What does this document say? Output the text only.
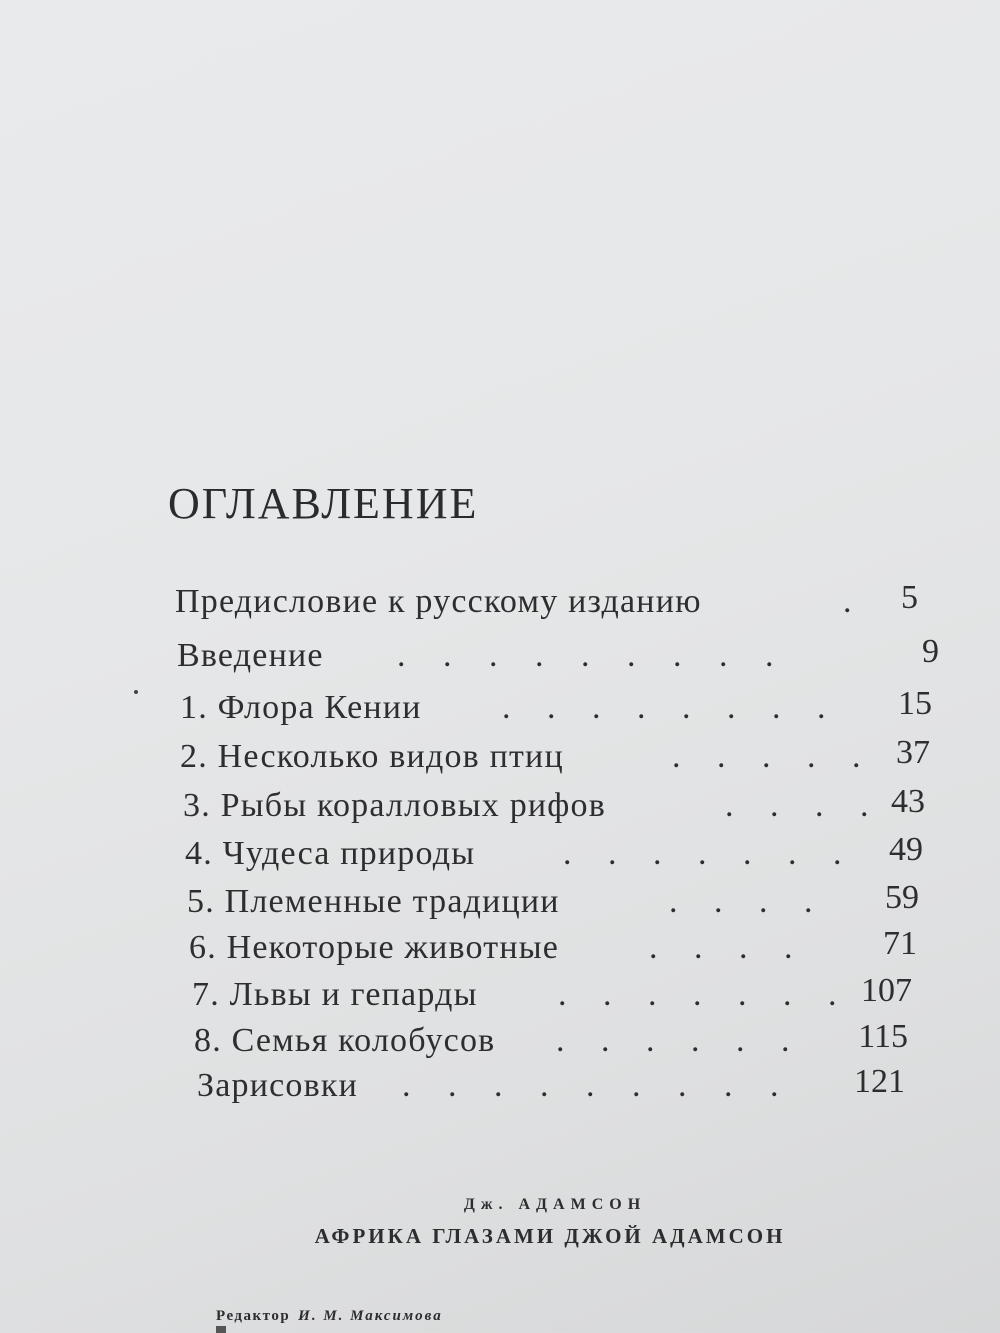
ОГЛАВЛЕНИЕ
Предисловие к русскому изданию	.	5
Введение . . . . . . . . .	9
1. Флора Кении . . . . . . . .	15
2. Несколько видов птиц	. . . . . 37
3. Рыбы коралловых рифов	. . . . 43
4. Чудеса природы	. . . . . . . 49
5. Племенные традиции	. . . .	59
6. Некоторые животные	. . . .	71
7. Львы и гепарды . . . . . . . 107
8. Семья колобусов . . . . . .	115
Зарисовки . . . . . . . . .	121
Дж. АДАМСОН
АФРИКА ГЛАЗАМИ ДЖОЙ АДАМСОН
Редактор И. М. Максимова
